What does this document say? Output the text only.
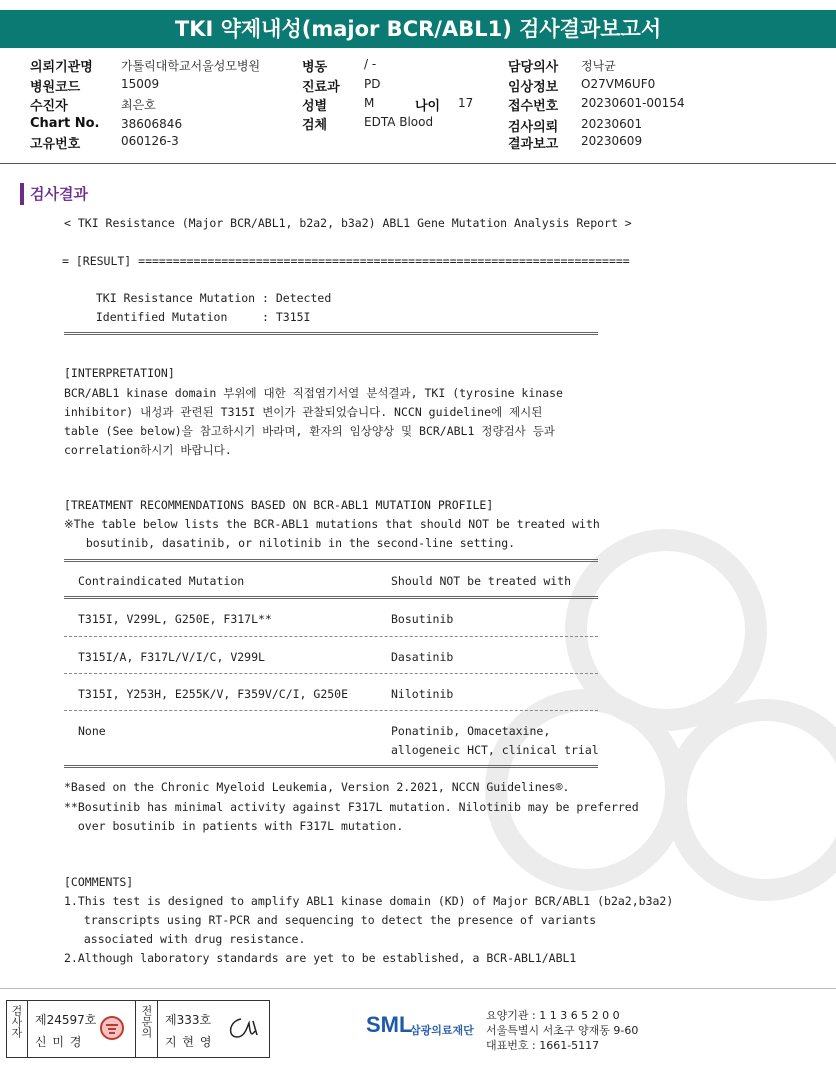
TKI 약제내성(major BCR/ABL1) 검사결과보고서
의뢰기관명 가톨릭대학교서울성모병원
병원코드	15009
수진자	최은호
Chart No. 38606846
고유번호	060126-3
병동	/ -
진료과 PD
성별	M	나이 17
검체	EDTA Blood
담당의사 정낙균
임상정보 O27VM6UF0
접수번호 20230601-00154
검사의뢰 20230601
결과보고 20230609
검사결과
< TKI Resistance (Major BCR/ABL1, b2a2, b3a2) ABL1 Gene Mutation Analysis Report >
= [RESULT] =======================================================================
TKI Resistance Mutation : Detected
Identified Mutation     : T315I
[INTERPRETATION]
BCR/ABL1 kinase domain 부위에 대한 직접염기서열 분석결과, TKI (tyrosine kinase
inhibitor) 내성과 관련된 T315I 변이가 관찰되었습니다. NCCN guideline에 제시된
table (See below)을 참고하시기 바라며, 환자의 임상양상 및 BCR/ABL1 정량검사 등과
correlation하시기 바랍니다.
[TREATMENT RECOMMENDATIONS BASED ON BCR-ABL1 MUTATION PROFILE]
※The table below lists the BCR-ABL1 mutations that should NOT be treated with
bosutinib, dasatinib, or nilotinib in the second-line setting.
Contraindicated Mutation	Should NOT be treated with
T315I, V299L, G250E, F317L**	Bosutinib
T315I/A, F317L/V/I/C, V299L	Dasatinib
T315I, Y253H, E255K/V, F359V/C/I, G250E	Nilotinib
None	Ponatinib, Omacetaxine,
allogeneic HCT, clinical trial
*Based on the Chronic Myeloid Leukemia, Version 2.2021, NCCN Guidelines®.
**Bosutinib has minimal activity against F317L mutation. Nilotinib may be preferred
over bosutinib in patients with F317L mutation.
[COMMENTS]
1.This test is designed to amplify ABL1 kinase domain (KD) of Major BCR/ABL1 (b2a2,b3a2)
transcripts using RT-PCR and sequencing to detect the presence of variants
associated with drug resistance.
2.Although laboratory standards are yet to be established, a BCR-ABL1/ABL1
검사자 제24597호
신 미 경
전문의 제333호
지 현 영
SML
삼광의료재단
요양기관 : 1 1 3 6 5 2 0 0
서울특별시 서초구 양재동 9-60
대표번호 : 1661-5117
